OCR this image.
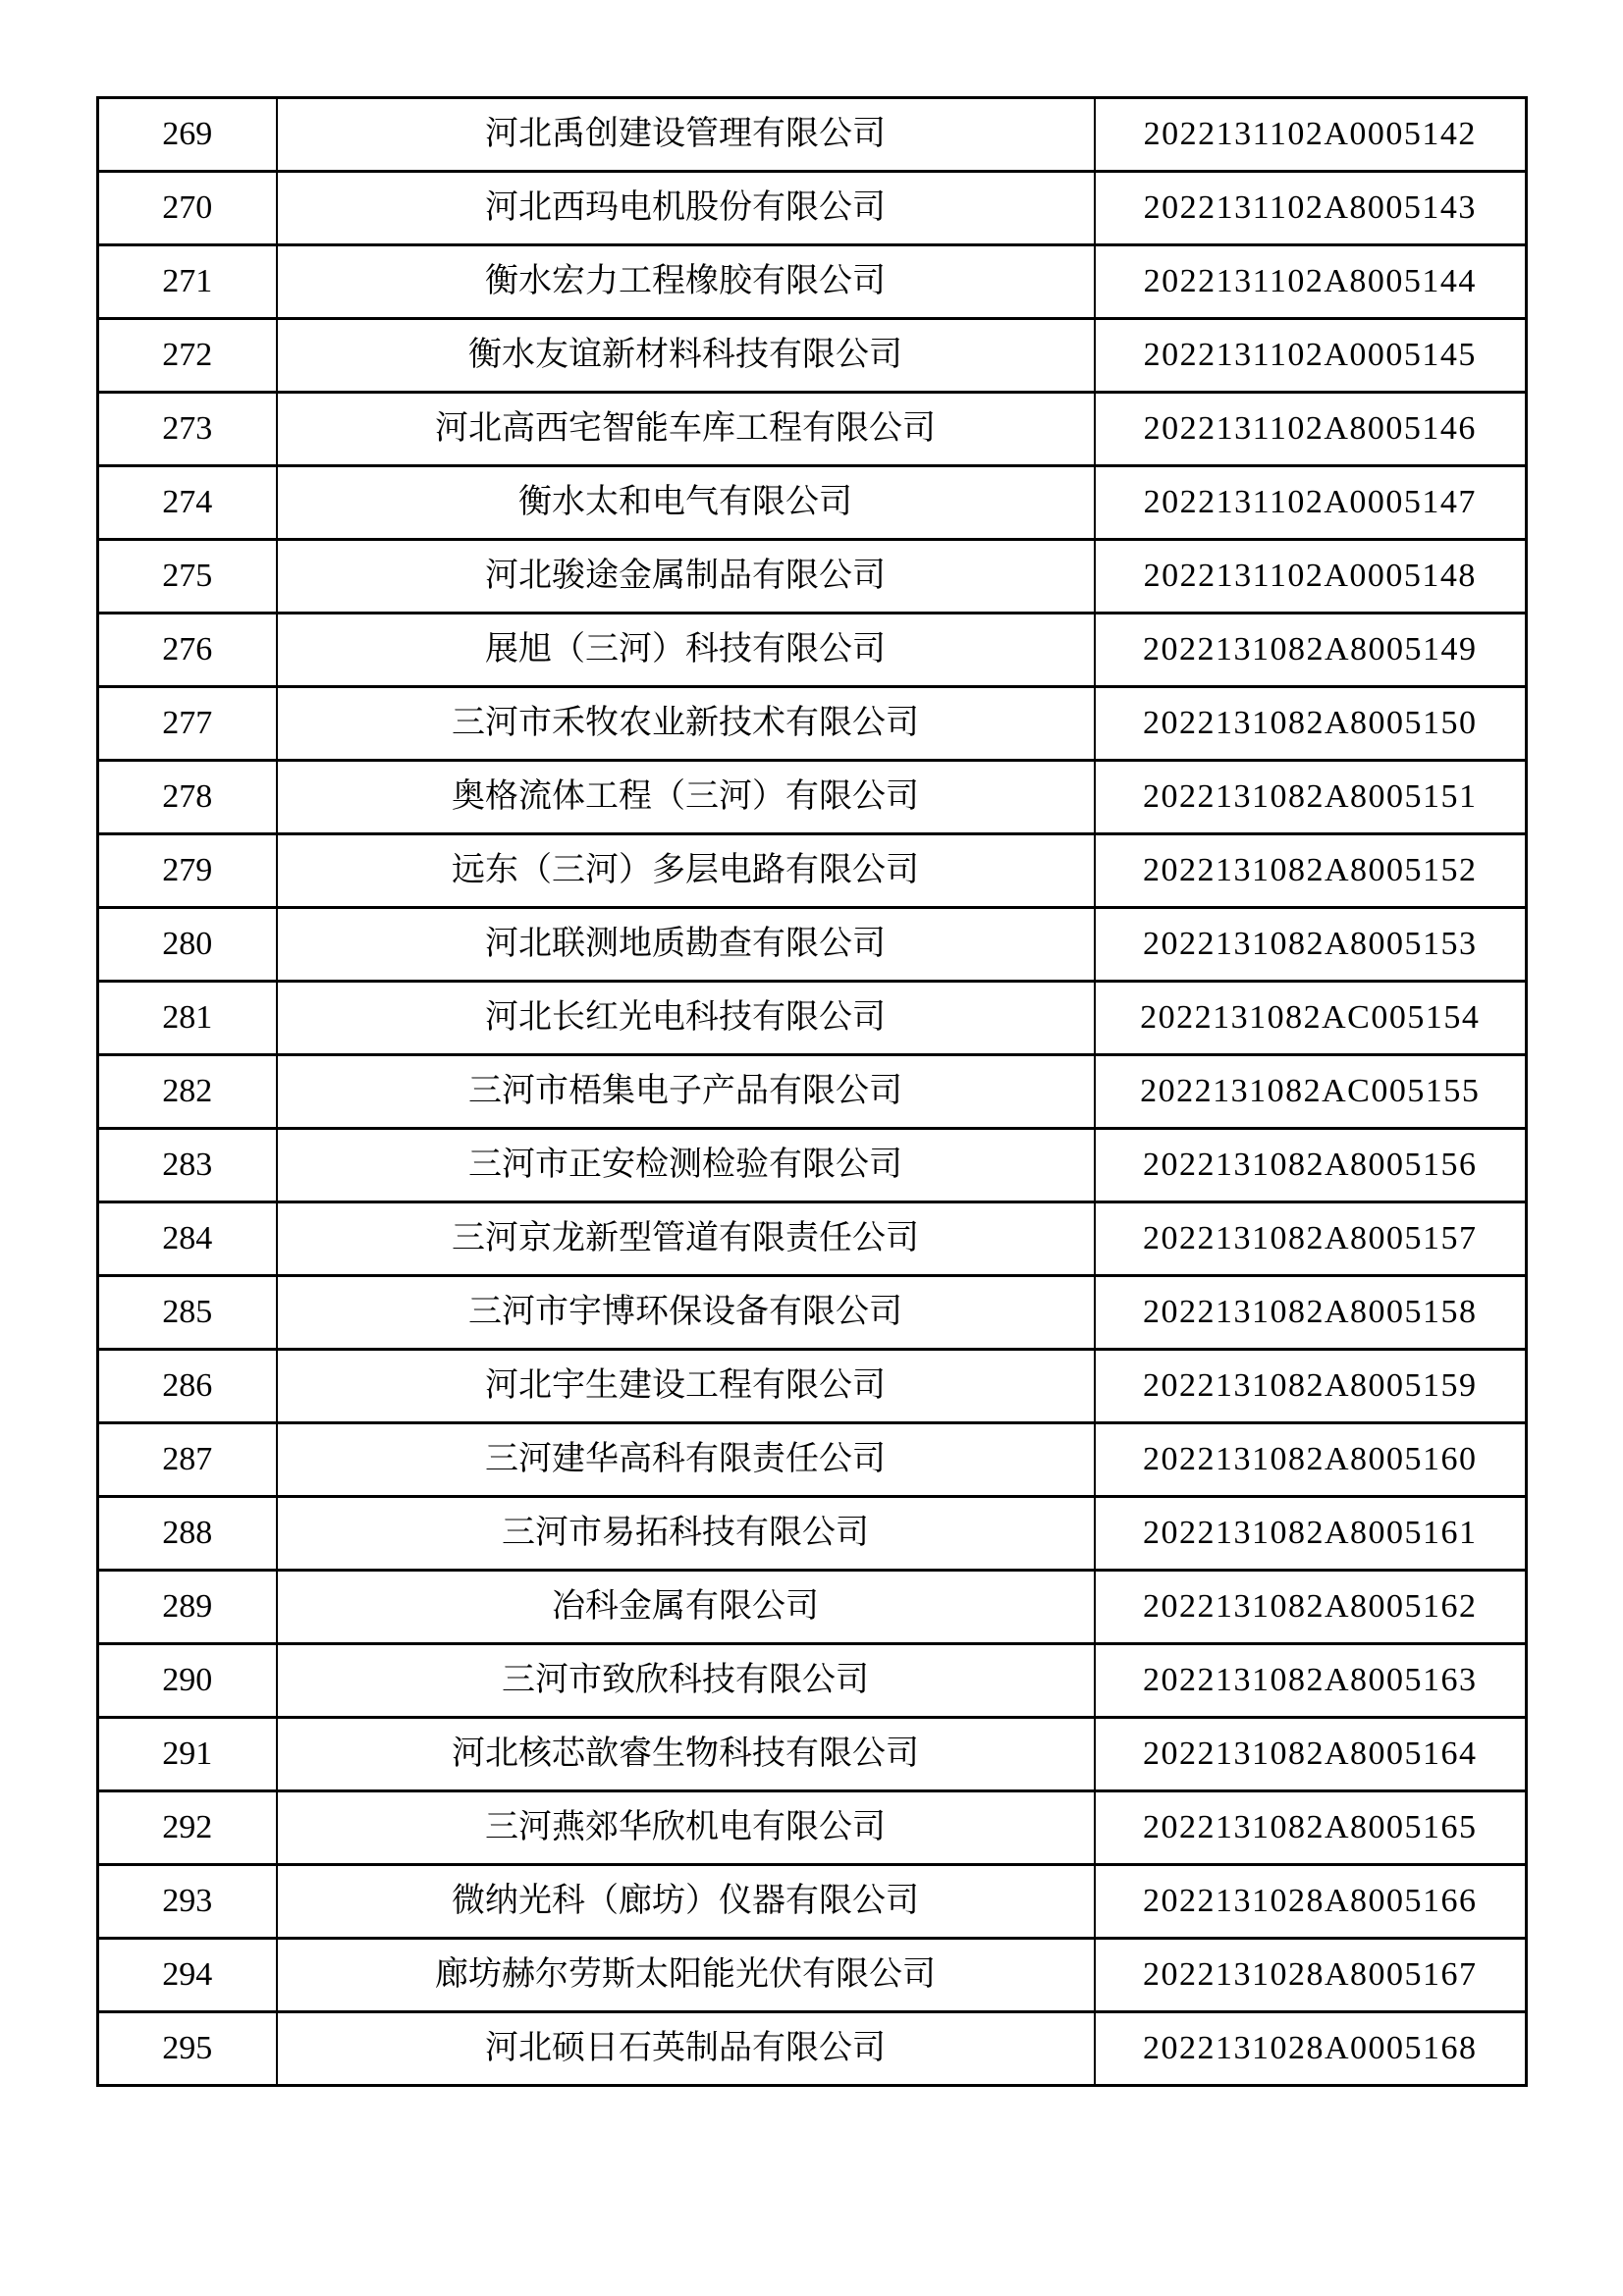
269	河北禹创建设管理有限公司	2022131102A0005142
270	河北西玛电机股份有限公司	2022131102A8005143
271	衡水宏力工程橡胶有限公司	2022131102A8005144
272	衡水友谊新材料科技有限公司	2022131102A0005145
273	河北高西宅智能车库工程有限公司	2022131102A8005146
274	衡水太和电气有限公司	2022131102A0005147
275	河北骏途金属制品有限公司	2022131102A0005148
276	展旭（三河）科技有限公司	2022131082A8005149
277	三河市禾牧农业新技术有限公司	2022131082A8005150
278	奥格流体工程（三河）有限公司	2022131082A8005151
279	远东（三河）多层电路有限公司	2022131082A8005152
280	河北联测地质勘查有限公司	2022131082A8005153
281	河北长红光电科技有限公司	2022131082AC005154
282	三河市梧集电子产品有限公司	2022131082AC005155
283	三河市正安检测检验有限公司	2022131082A8005156
284	三河京龙新型管道有限责任公司	2022131082A8005157
285	三河市宇博环保设备有限公司	2022131082A8005158
286	河北宇生建设工程有限公司	2022131082A8005159
287	三河建华高科有限责任公司	2022131082A8005160
288	三河市易拓科技有限公司	2022131082A8005161
289	冶科金属有限公司	2022131082A8005162
290	三河市致欣科技有限公司	2022131082A8005163
291	河北核芯歆睿生物科技有限公司	2022131082A8005164
292	三河燕郊华欣机电有限公司	2022131082A8005165
293	微纳光科（廊坊）仪器有限公司	2022131028A8005166
294	廊坊赫尔劳斯太阳能光伏有限公司	2022131028A8005167
295	河北硕日石英制品有限公司	2022131028A0005168
